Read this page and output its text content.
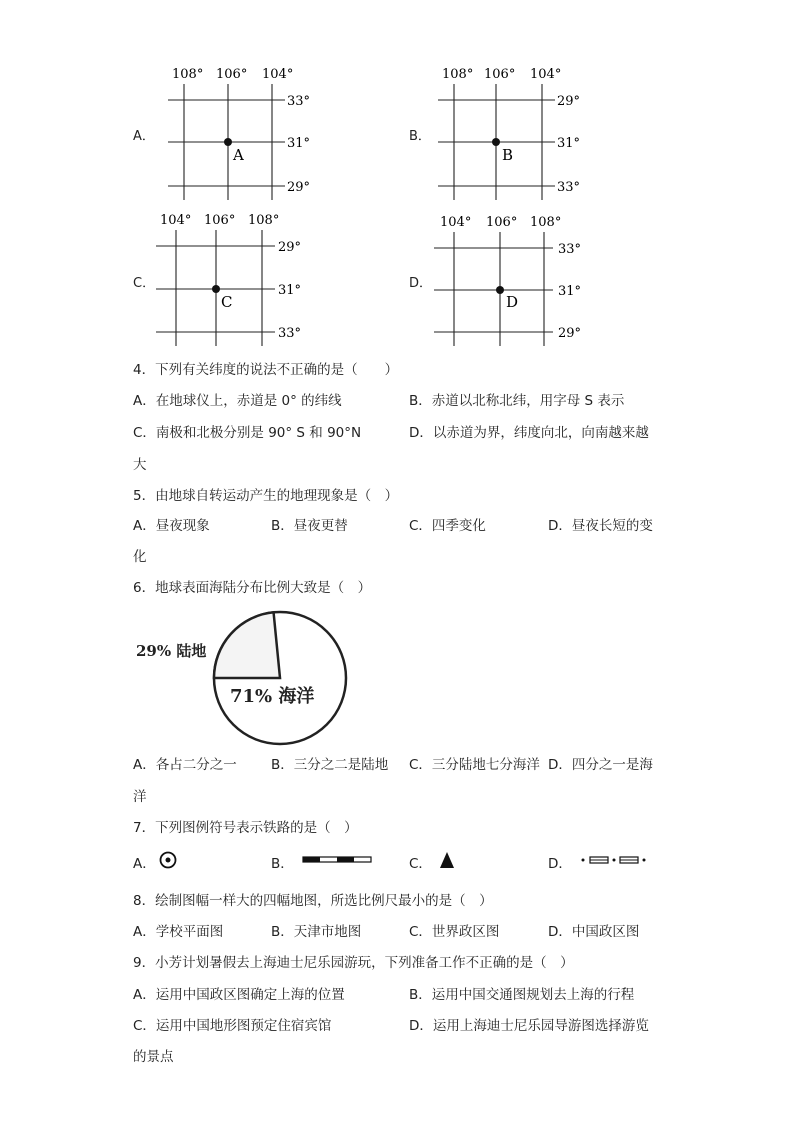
A．
A
108° 106° 104°
33°
31°
29°
B．
B
108° 106° 104°
29°
31°
33°
C．
C
104° 106° 108°
29°
31°
33°
D．
D
104° 106° 108°
33°
31°
29°
4．下列有关纬度的说法不正确的是（　　）
A．在地球仪上，赤道是 0° 的纬线	B．赤道以北称北纬，用字母 S 表示
C．南极和北极分别是 90° S 和 90°N	D．以赤道为界，纬度向北，向南越来越
大
5．由地球自转运动产生的地理现象是（　）
A．昼夜现象	B．昼夜更替	C．四季变化	D．昼夜长短的变
化
6．地球表面海陆分布比例大致是（　）
29% 陆地
71% 海洋
A．各占二分之一	B．三分之二是陆地 C．三分陆地七分海洋 D．四分之一是海
洋
7．下列图例符号表示铁路的是（　）
A．	B．	C．	D．
8．绘制图幅一样大的四幅地图，所选比例尺最小的是（　）
A．学校平面图	B．天津市地图	C．世界政区图	D．中国政区图
9．小芳计划暑假去上海迪士尼乐园游玩，下列准备工作不正确的是（　）
A．运用中国政区图确定上海的位置	B．运用中国交通图规划去上海的行程
C．运用中国地形图预定住宿宾馆	D．运用上海迪士尼乐园导游图选择游览
的景点
